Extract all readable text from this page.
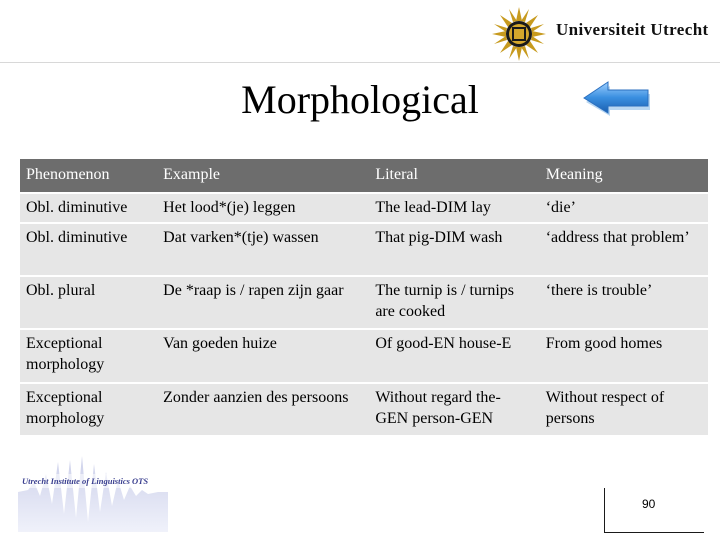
Universiteit Utrecht
Morphological
Phenomenon	Example	Literal	Meaning
Obl. diminutive	Het lood*(je) leggen	The lead-DIM lay	‘die’
Obl. diminutive	Dat varken*(tje) wassen	That pig-DIM wash	‘address that problem’
Obl. plural	De *raap is / rapen zijn gaar	The turnip is / turnips are cooked	‘there is trouble’
Exceptional morphology	Van goeden huize	Of good-EN house-E	From good homes
Exceptional morphology	Zonder aanzien des persoons	Without regard the-GEN person-GEN	Without respect of persons
Utrecht Institute of Linguistics OTS
90
